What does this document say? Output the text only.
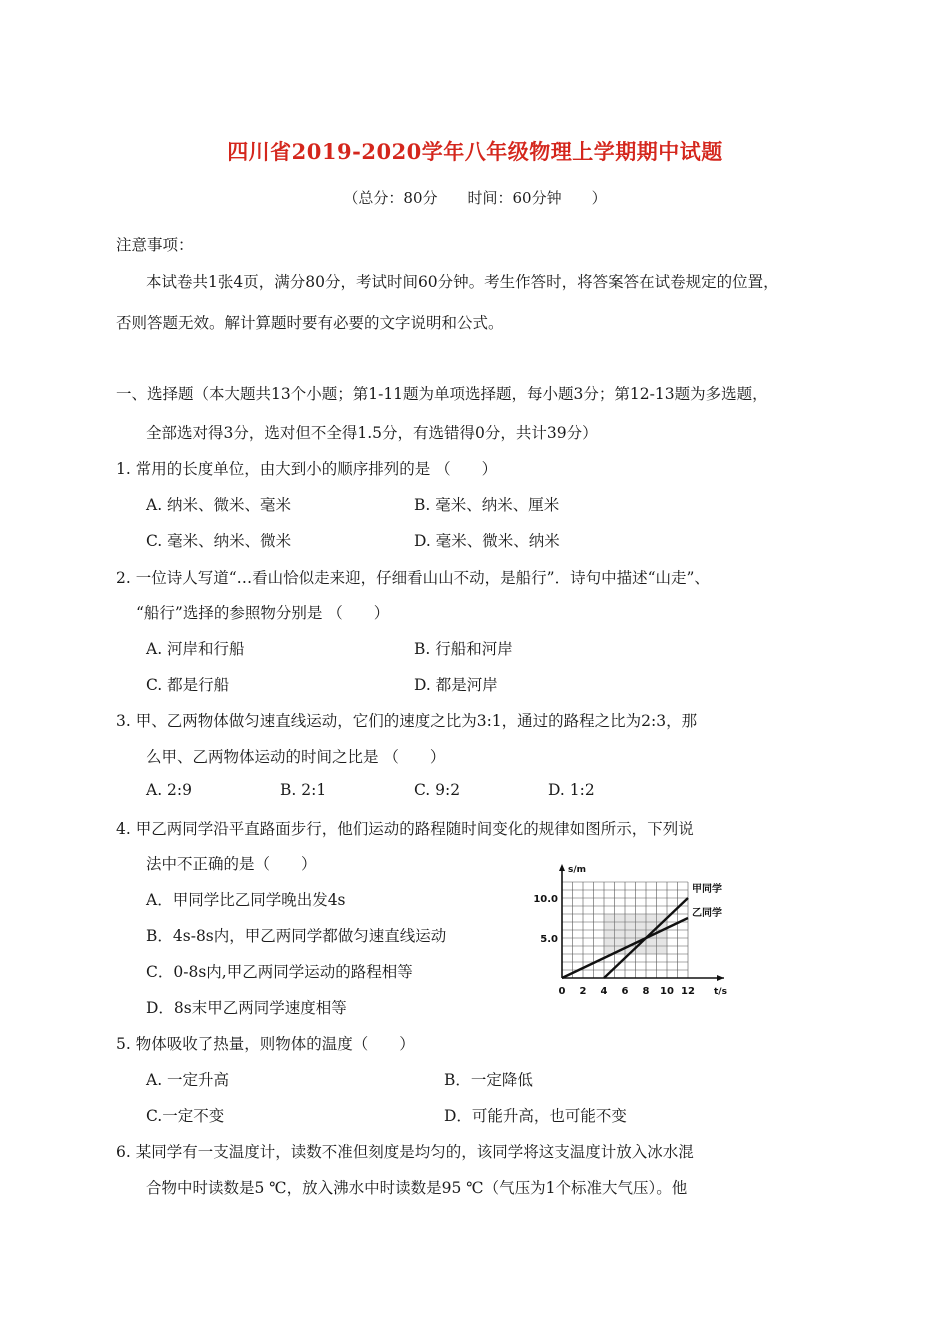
四川省2019-2020学年八年级物理上学期期中试题
（总分：80分　　时间：60分钟　　）
注意事项：
本试卷共1张4页，满分80分，考试时间60分钟。考生作答时，将答案答在试卷规定的位置，
否则答题无效。解计算题时要有必要的文字说明和公式。
一、选择题（本大题共13个小题；第1-11题为单项选择题，每小题3分；第12-13题为多选题，
全部选对得3分，选对但不全得1.5分，有选错得0分，共计39分）
1. 常用的长度单位，由大到小的顺序排列的是 （　　）
A. 纳米、微米、毫米	B. 毫米、纳米、厘米
C. 毫米、纳米、微米	D. 毫米、微米、纳米
2. 一位诗人写道“…看山恰似走来迎，仔细看山山不动，是船行”．诗句中描述“山走”、
“船行”选择的参照物分别是 （　　）
A. 河岸和行船	B. 行船和河岸
C. 都是行船	D. 都是河岸
3. 甲、乙两物体做匀速直线运动，它们的速度之比为3:1，通过的路程之比为2:3，那
么甲、乙两物体运动的时间之比是 （　　）
A. 2:9	B. 2:1	C. 9:2	D. 1:2
4. 甲乙两同学沿平直路面步行，他们运动的路程随时间变化的规律如图所示，下列说
法中不正确的是（　　）
A．甲同学比乙同学晚出发4s
B．4s-8s内，甲乙两同学都做匀速直线运动
C．0-8s内,甲乙两同学运动的路程相等
D．8s末甲乙两同学速度相等
0 2 4 6 8 10 12
10.0
5.0
s/m
t/s
甲同学
乙同学
5. 物体吸收了热量，则物体的温度（　　）
A. 一定升高	B．一定降低
C.一定不变	D．可能升高，也可能不变
6. 某同学有一支温度计，读数不准但刻度是均匀的，该同学将这支温度计放入冰水混
合物中时读数是5 ℃，放入沸水中时读数是95 ℃（气压为1个标准大气压）。他
